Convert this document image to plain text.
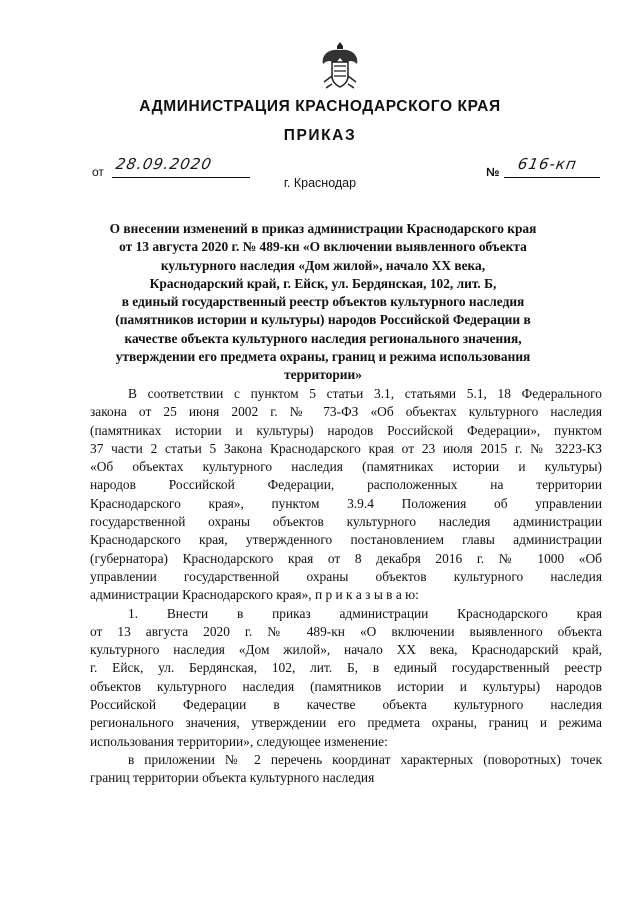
АДМИНИСТРАЦИЯ КРАСНОДАРСКОГО КРАЯ
ПРИКАЗ
от 28.09.2020	№ 616-кп
г. Краснодар
О внесении изменений в приказ администрации Краснодарского края
от 13 августа 2020 г. № 489-кн «О включении выявленного объекта
культурного наследия «Дом жилой», начало XX века,
Краснодарский край, г. Ейск, ул. Бердянская, 102, лит. Б,
в единый государственный реестр объектов культурного наследия
(памятников истории и культуры) народов Российской Федерации в
качестве объекта культурного наследия регионального значения,
утверждении его предмета охраны, границ и режима использования
территории»
В соответствии с пунктом 5 статьи 3.1, статьями 5.1, 18 Федерального
закона от 25 июня 2002 г. № 73-ФЗ «Об объектах культурного наследия
(памятниках истории и культуры) народов Российской Федерации», пунктом
37 части 2 статьи 5 Закона Краснодарского края от 23 июля 2015 г. № 3223-КЗ
«Об объектах культурного наследия (памятниках истории и культуры)
народов Российской Федерации, расположенных на территории
Краснодарского края», пунктом 3.9.4 Положения об управлении
государственной охраны объектов культурного наследия администрации
Краснодарского края, утвержденного постановлением главы администрации
(губернатора) Краснодарского края от 8 декабря 2016 г. № 1000 «Об
управлении государственной охраны объектов культурного наследия
администрации Краснодарского края», п р и к а з ы в а ю:
1. Внести в приказ администрации Краснодарского края
от 13 августа 2020 г. № 489-кн «О включении выявленного объекта
культурного наследия «Дом жилой», начало XX века, Краснодарский край,
г. Ейск, ул. Бердянская, 102, лит. Б, в единый государственный реестр
объектов культурного наследия (памятников истории и культуры) народов
Российской Федерации в качестве объекта культурного наследия
регионального значения, утверждении его предмета охраны, границ и режима
использования территории», следующее изменение:
в приложении № 2 перечень координат характерных (поворотных) точек
границ территории объекта культурного наследия
